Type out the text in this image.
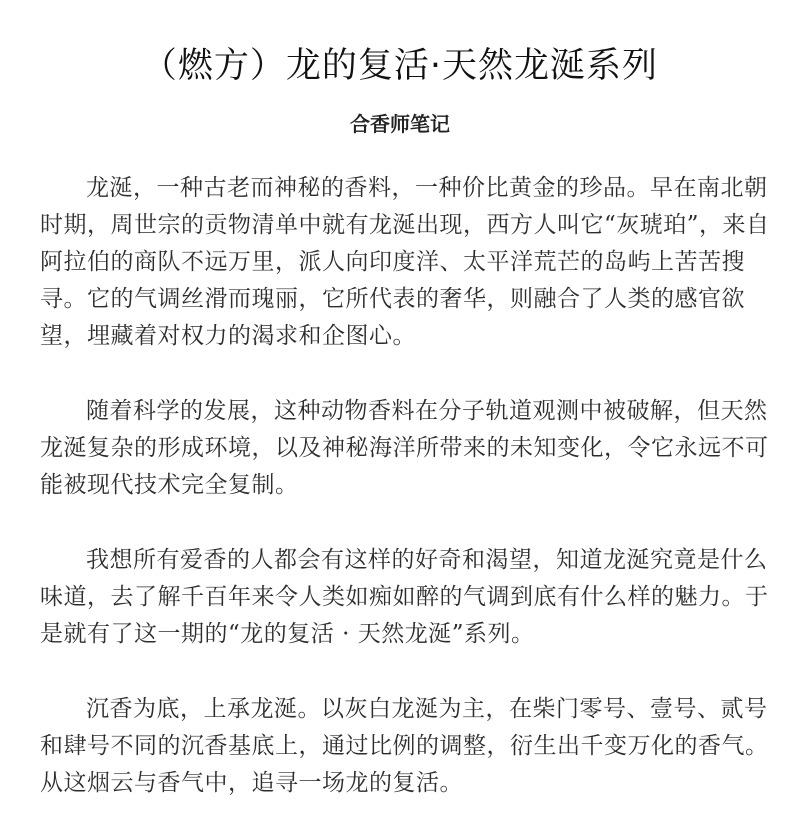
（燃方）龙的复活·天然龙涎系列
合香师笔记

龙涎，一种古老而神秘的香料，一种价比黄金的珍品。早在南北朝时期，周世宗的贡物清单中就有龙涎出现，西方人叫它“灰琥珀”，来自阿拉伯的商队不远万里，派人向印度洋、太平洋荒芒的岛屿上苦苦搜寻。它的气调丝滑而瑰丽，它所代表的奢华，则融合了人类的感官欲望，埋藏着对权力的渴求和企图心。

随着科学的发展，这种动物香料在分子轨道观测中被破解，但天然龙涎复杂的形成环境，以及神秘海洋所带来的未知变化，令它永远不可能被现代技术完全复制。

我想所有爱香的人都会有这样的好奇和渴望，知道龙涎究竟是什么味道，去了解千百年来令人类如痴如醉的气调到底有什么样的魅力。于是就有了这一期的“龙的复活 · 天然龙涎”系列。

沉香为底，上承龙涎。以灰白龙涎为主，在柴门零号、壹号、贰号和肆号不同的沉香基底上，通过比例的调整，衍生出千变万化的香气。从这烟云与香气中，追寻一场龙的复活。
